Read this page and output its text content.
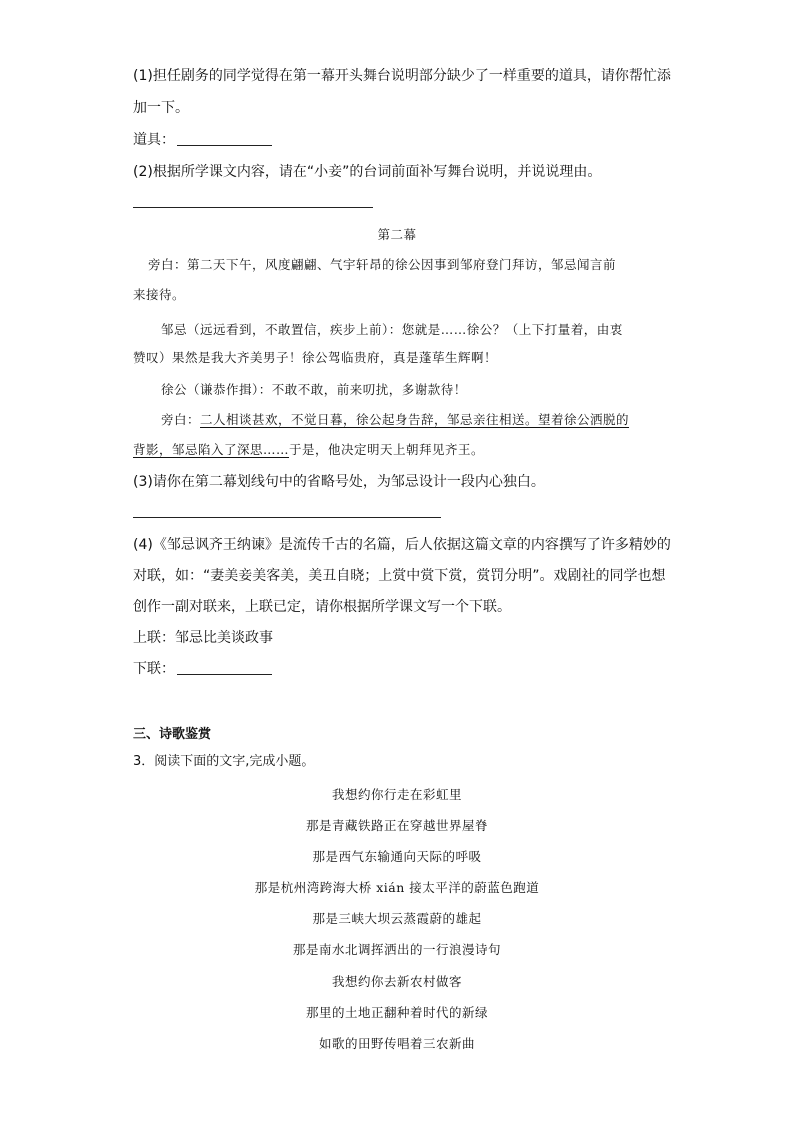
(1)担任剧务的同学觉得在第一幕开头舞台说明部分缺少了一样重要的道具，请你帮忙添
加一下。
道具：
(2)根据所学课文内容，请在“小妾”的台词前面补写舞台说明，并说说理由。
第二幕
旁白：第二天下午，风度翩翩、气宇轩昂的徐公因事到邹府登门拜访，邹忌闻言前
来接待。
邹忌（远远看到，不敢置信，疾步上前）：您就是……徐公？（上下打量着，由衷
赞叹）果然是我大齐美男子！徐公驾临贵府，真是蓬荜生辉啊！
徐公（谦恭作揖）：不敢不敢，前来叨扰，多谢款待！
旁白：二人相谈甚欢，不觉日暮，徐公起身告辞，邹忌亲往相送。望着徐公洒脱的
背影，邹忌陷入了深思……于是，他决定明天上朝拜见齐王。
(3)请你在第二幕划线句中的省略号处，为邹忌设计一段内心独白。
(4)《邹忌讽齐王纳谏》是流传千古的名篇，后人依据这篇文章的内容撰写了许多精妙的
对联，如：“妻美妾美客美，美丑自晓；上赏中赏下赏，赏罚分明”。戏剧社的同学也想
创作一副对联来，上联已定，请你根据所学课文写一个下联。
上联：邹忌比美谈政事
下联：
三、诗歌鉴赏
3．阅读下面的文字,完成小题。
我想约你行走在彩虹里
那是青藏铁路正在穿越世界屋脊
那是西气东输通向天际的呼吸
那是杭州湾跨海大桥 xián 接太平洋的蔚蓝色跑道
那是三峡大坝云蒸霞蔚的雄起
那是南水北调挥洒出的一行浪漫诗句
我想约你去新农村做客
那里的土地正翻种着时代的新绿
如歌的田野传唱着三农新曲
